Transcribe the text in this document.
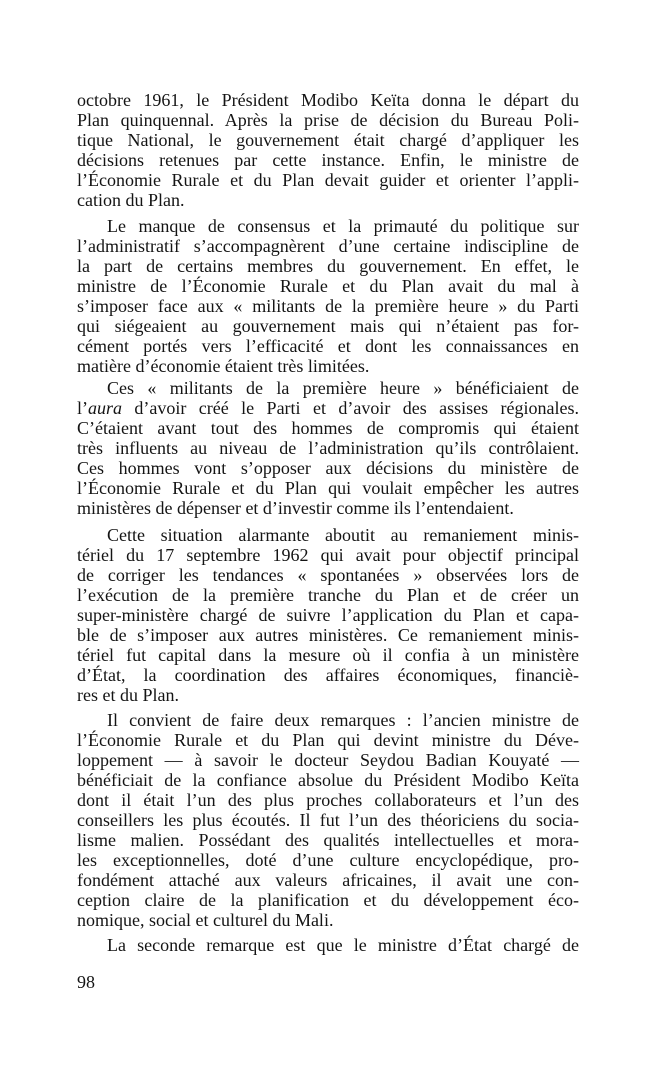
octobre 1961, le Président Modibo Keïta donna le départ du
Plan quinquennal. Après la prise de décision du Bureau Poli-
tique National, le gouvernement était chargé d’appliquer les
décisions retenues par cette instance. Enfin, le ministre de
l’Économie Rurale et du Plan devait guider et orienter l’appli-
cation du Plan.
Le manque de consensus et la primauté du politique sur
l’administratif s’accompagnèrent d’une certaine indiscipline de
la part de certains membres du gouvernement. En effet, le
ministre de l’Économie Rurale et du Plan avait du mal à
s’imposer face aux « militants de la première heure » du Parti
qui siégeaient au gouvernement mais qui n’étaient pas for-
cément portés vers l’efficacité et dont les connaissances en
matière d’économie étaient très limitées.
Ces « militants de la première heure » bénéficiaient de
l’aura d’avoir créé le Parti et d’avoir des assises régionales.
C’étaient avant tout des hommes de compromis qui étaient
très influents au niveau de l’administration qu’ils contrôlaient.
Ces hommes vont s’opposer aux décisions du ministère de
l’Économie Rurale et du Plan qui voulait empêcher les autres
ministères de dépenser et d’investir comme ils l’entendaient.
Cette situation alarmante aboutit au remaniement minis-
tériel du 17 septembre 1962 qui avait pour objectif principal
de corriger les tendances « spontanées » observées lors de
l’exécution de la première tranche du Plan et de créer un
super-ministère chargé de suivre l’application du Plan et capa-
ble de s’imposer aux autres ministères. Ce remaniement minis-
tériel fut capital dans la mesure où il confia à un ministère
d’État, la coordination des affaires économiques, financiè-
res et du Plan.
Il convient de faire deux remarques : l’ancien ministre de
l’Économie Rurale et du Plan qui devint ministre du Déve-
loppement — à savoir le docteur Seydou Badian Kouyaté —
bénéficiait de la confiance absolue du Président Modibo Keïta
dont il était l’un des plus proches collaborateurs et l’un des
conseillers les plus écoutés. Il fut l’un des théoriciens du socia-
lisme malien. Possédant des qualités intellectuelles et mora-
les exceptionnelles, doté d’une culture encyclopédique, pro-
fondément attaché aux valeurs africaines, il avait une con-
ception claire de la planification et du développement éco-
nomique, social et culturel du Mali.
La seconde remarque est que le ministre d’État chargé de
98
